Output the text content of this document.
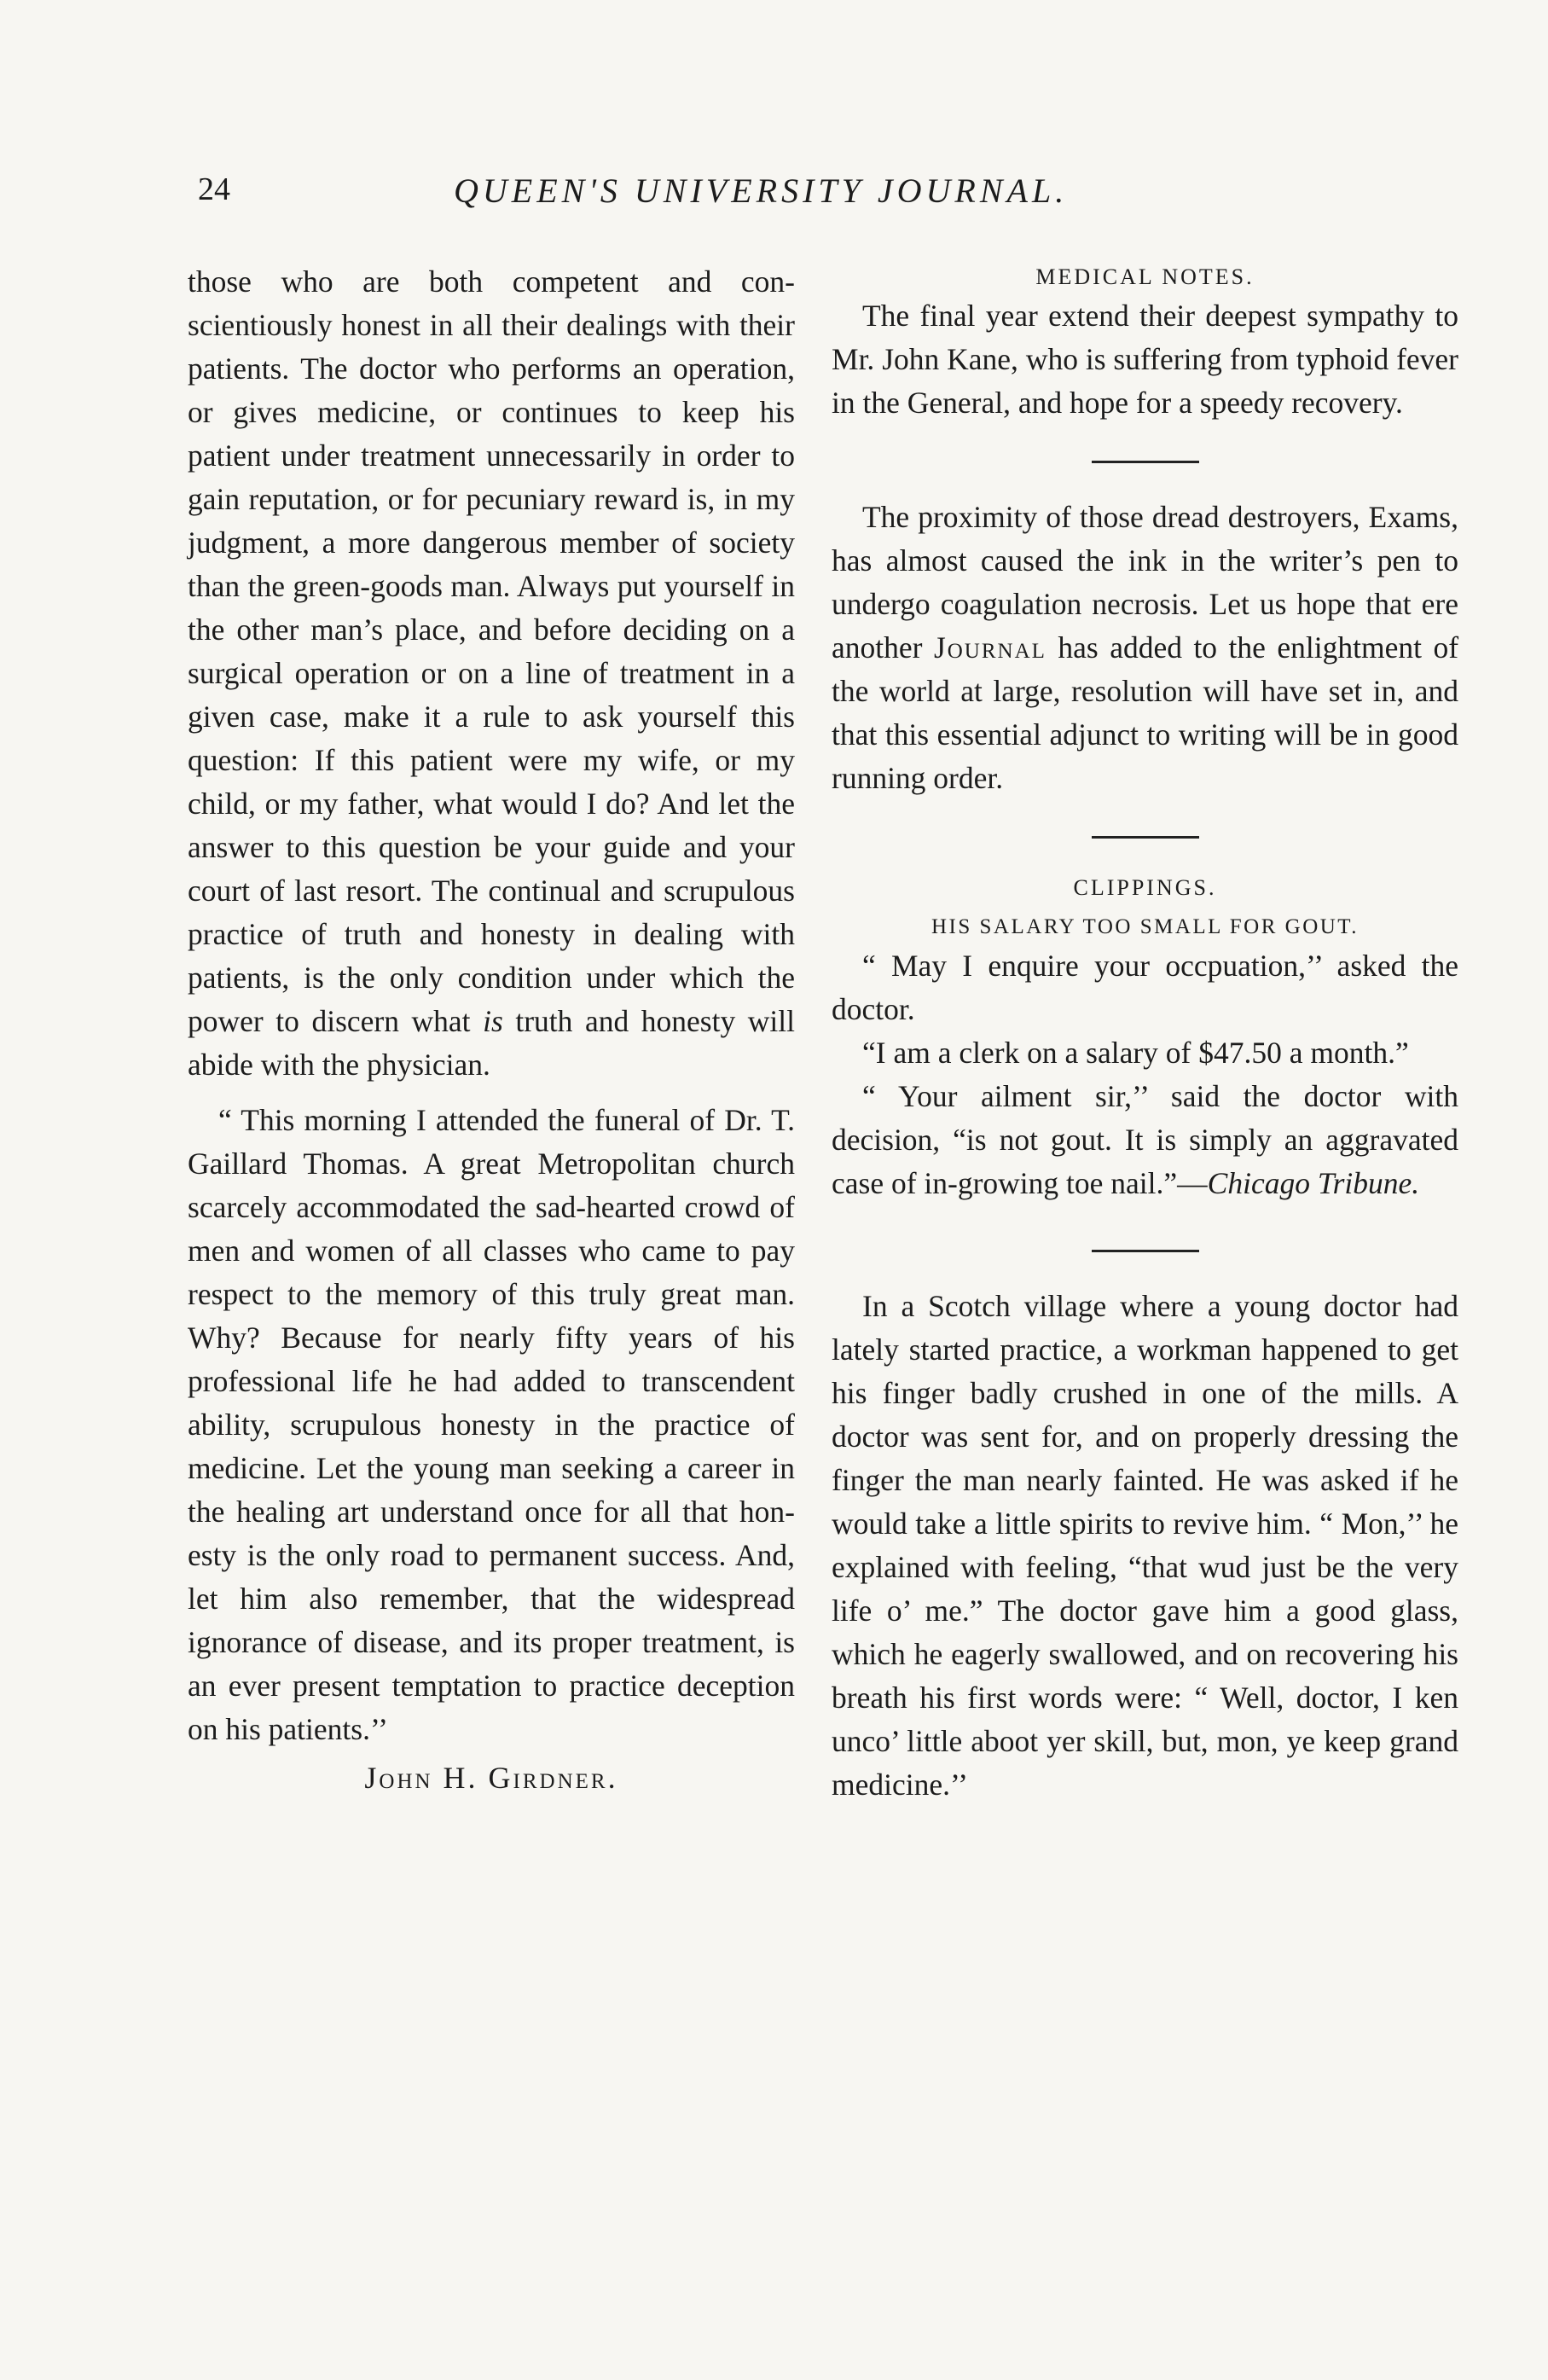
24	QUEEN'S UNIVERSITY JOURNAL.

those who are both competent and conscientiously honest in all their dealings with their patients. The doctor who performs an operation, or gives medicine, or continues to keep his patient under treatment unnecessarily in order to gain reputation, or for pecuniary reward is, in my judgment, a more dangerous member of society than the green-goods man. Always put yourself in the other man’s place, and before deciding on a surgical operation or on a line of treatment in a given case, make it a rule to ask yourself this question: If this patient were my wife, or my child, or my father, what would I do? And let the answer to this question be your guide and your court of last resort. The continual and scrupulous practice of truth and honesty in dealing with patients, is the only condition under which the power to discern what is truth and honesty will abide with the physician.

“ This morning I attended the funeral of Dr. T. Gaillard Thomas. A great Metropolitan church scarcely accommodated the sad-hearted crowd of men and women of all classes who came to pay respect to the memory of this truly great man. Why? Because for nearly fifty years of his professional life he had added to transcendent ability, scrupulous honesty in the practice of medicine. Let the young man seeking a career in the healing art understand once for all that honesty is the only road to permanent success. And, let him also remember, that the widespread ignorance of disease, and its proper treatment, is an ever present temptation to practice deception on his patients.’’

John H. Girdner.
MEDICAL NOTES.

The final year extend their deepest sympathy to Mr. John Kane, who is suffering from typhoid fever in the General, and hope for a speedy recovery.

The proximity of those dread destroyers, Exams, has almost caused the ink in the writer’s pen to undergo coagulation necrosis. Let us hope that ere another Journal has added to the enlightment of the world at large, resolution will have set in, and that this essential adjunct to writing will be in good running order.

CLIPPINGS.
HIS SALARY TOO SMALL FOR GOUT.

“ May I enquire your occpuation,’’ asked the doctor.

“I am a clerk on a salary of $47.50 a month.”

“ Your ailment sir,’’ said the doctor with decision, “is not gout. It is simply an aggravated case of in-growing toe nail.”—Chicago Tribune.

In a Scotch village where a young doctor had lately started practice, a workman happened to get his finger badly crushed in one of the mills. A doctor was sent for, and on properly dressing the finger the man nearly fainted. He was asked if he would take a little spirits to revive him. “ Mon,’’ he explained with feeling, “that wud just be the very life o’ me.” The doctor gave him a good glass, which he eagerly swallowed, and on recovering his breath his first words were: “ Well, doctor, I ken unco’ little aboot yer skill, but, mon, ye keep grand medicine.’’
